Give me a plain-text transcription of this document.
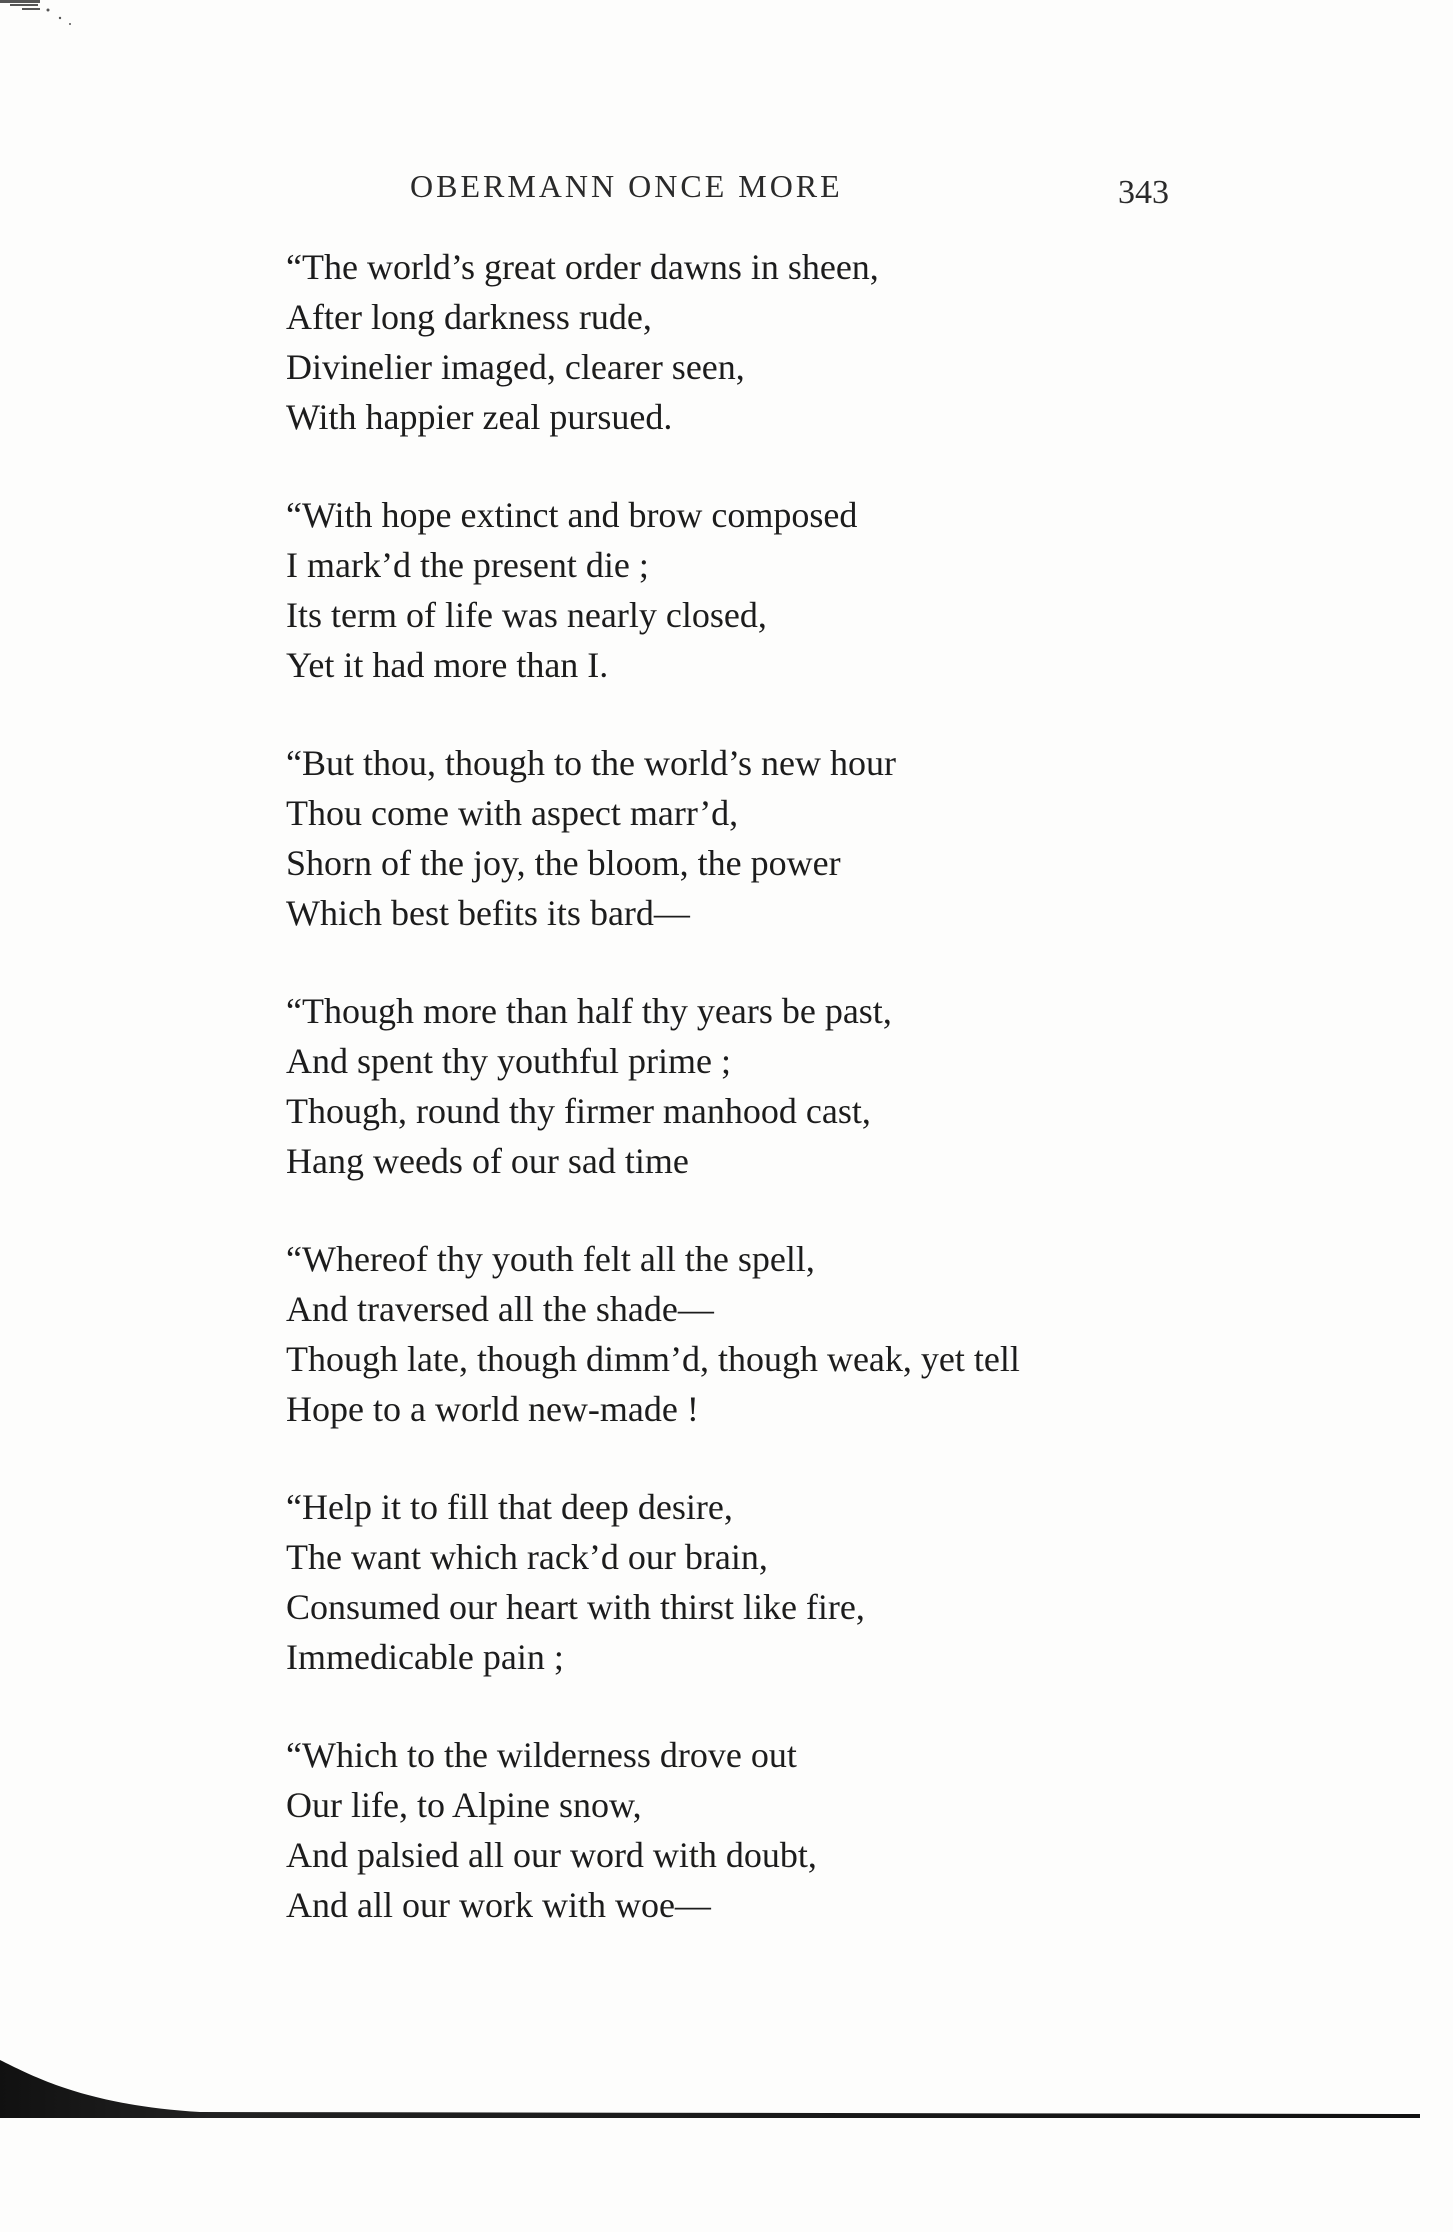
OBERMANN ONCE MORE	343
“The world’s great order dawns in sheen,
After long darkness rude,
Divinelier imaged, clearer seen,
With happier zeal pursued.
“With hope extinct and brow composed
I mark’d the present die ;
Its term of life was nearly closed,
Yet it had more than I.
“But thou, though to the world’s new hour
Thou come with aspect marr’d,
Shorn of the joy, the bloom, the power
Which best befits its bard—
“Though more than half thy years be past,
And spent thy youthful prime ;
Though, round thy firmer manhood cast,
Hang weeds of our sad time
“Whereof thy youth felt all the spell,
And traversed all the shade—
Though late, though dimm’d, though weak, yet tell
Hope to a world new-made !
“Help it to fill that deep desire,
The want which rack’d our brain,
Consumed our heart with thirst like fire,
Immedicable pain ;
“Which to the wilderness drove out
Our life, to Alpine snow,
And palsied all our word with doubt,
And all our work with woe—
